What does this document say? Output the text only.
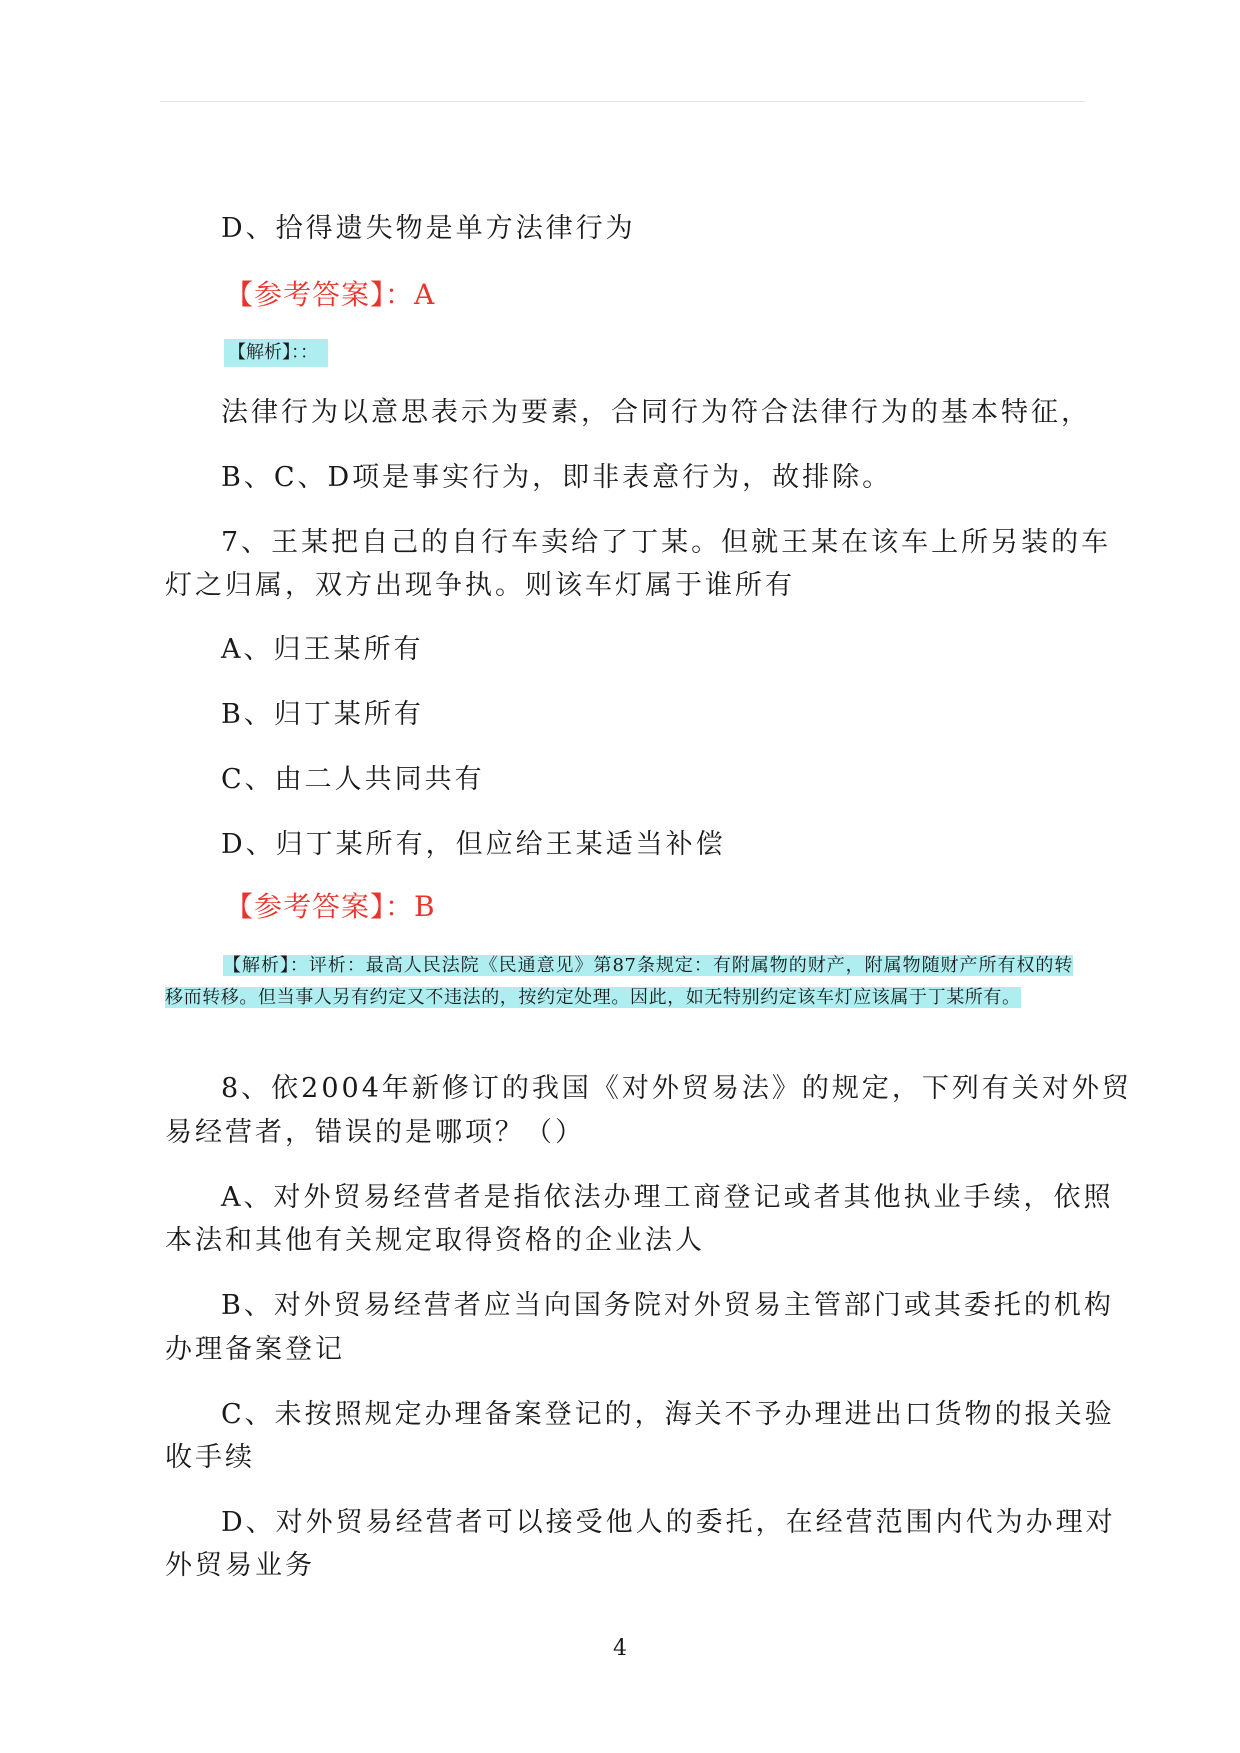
D、拾得遗失物是单方法律行为
【参考答案】：A
【解析】：：
法律行为以意思表示为要素，合同行为符合法律行为的基本特征，
B、C、D项是事实行为，即非表意行为，故排除。
7、王某把自己的自行车卖给了丁某。但就王某在该车上所另装的车
灯之归属，双方出现争执。则该车灯属于谁所有
A、归王某所有
B、归丁某所有
C、由二人共同共有
D、归丁某所有，但应给王某适当补偿
【参考答案】：B
【解析】：评析：最高人民法院《民通意见》第87条规定：有附属物的财产，附属物随财产所有权的转移而转移。但当事人另有约定又不违法的，按约定处理。因此，如无特别约定该车灯应该属于丁某所有。
8、依2004年新修订的我国《对外贸易法》的规定，下列有关对外贸
易经营者，错误的是哪项？（）
A、对外贸易经营者是指依法办理工商登记或者其他执业手续，依照
本法和其他有关规定取得资格的企业法人
B、对外贸易经营者应当向国务院对外贸易主管部门或其委托的机构
办理备案登记
C、未按照规定办理备案登记的，海关不予办理进出口货物的报关验
收手续
D、对外贸易经营者可以接受他人的委托，在经营范围内代为办理对
外贸易业务
4
